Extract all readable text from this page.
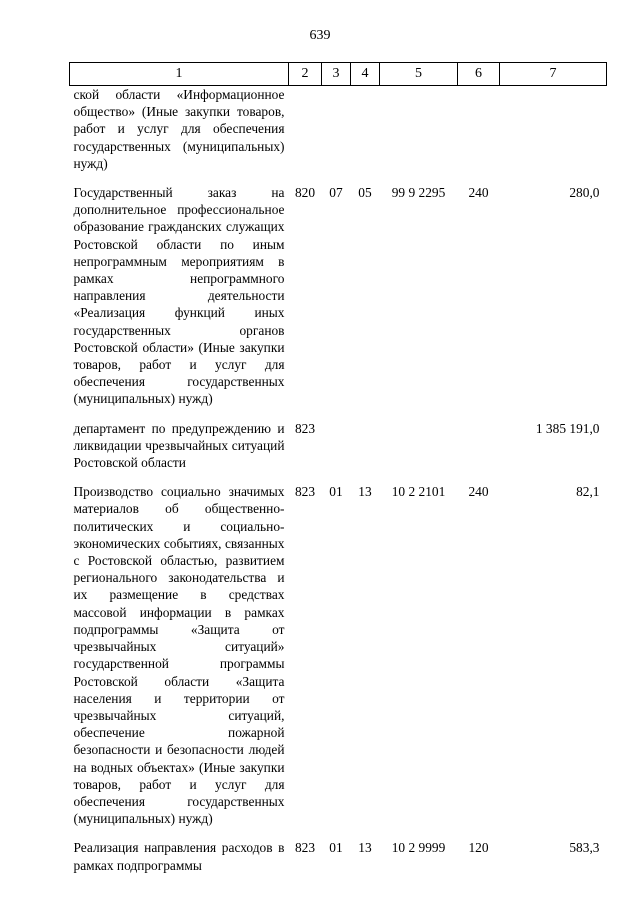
639
1	2	3	4	5	6	7
ской области «Информационное общество» (Иные закупки товаров, работ и услуг для обеспечения государственных (муниципальных) нужд)						
Государственный заказ на дополнительное профессиональное образование гражданских служащих Ростовской области по иным непрограммным мероприятиям в рамках непрограммного направления деятельности «Реализация функций иных государственных органов Ростовской области» (Иные закупки товаров, работ и услуг для обеспечения государственных (муниципальных) нужд)	820	07	05	99 9 2295	240	280,0
департамент по предупреждению и ликвидации чрезвычайных ситуаций Ростовской области	823					1 385 191,0
Производство социально значимых материалов об общественно-политических и социально-экономических событиях, связанных с Ростовской областью, развитием регионального законодательства и их размещение в средствах массовой информации в рамках подпрограммы «Защита от чрезвычайных ситуаций» государственной программы Ростовской области «Защита населения и территории от чрезвычайных ситуаций, обеспечение пожарной безопасности и безопасности людей на водных объектах» (Иные закупки товаров, работ и услуг для обеспечения государственных (муниципальных) нужд)	823	01	13	10 2 2101	240	82,1
Реализация направления расходов в рамках подпрограммы	823	01	13	10 2 9999	120	583,3
